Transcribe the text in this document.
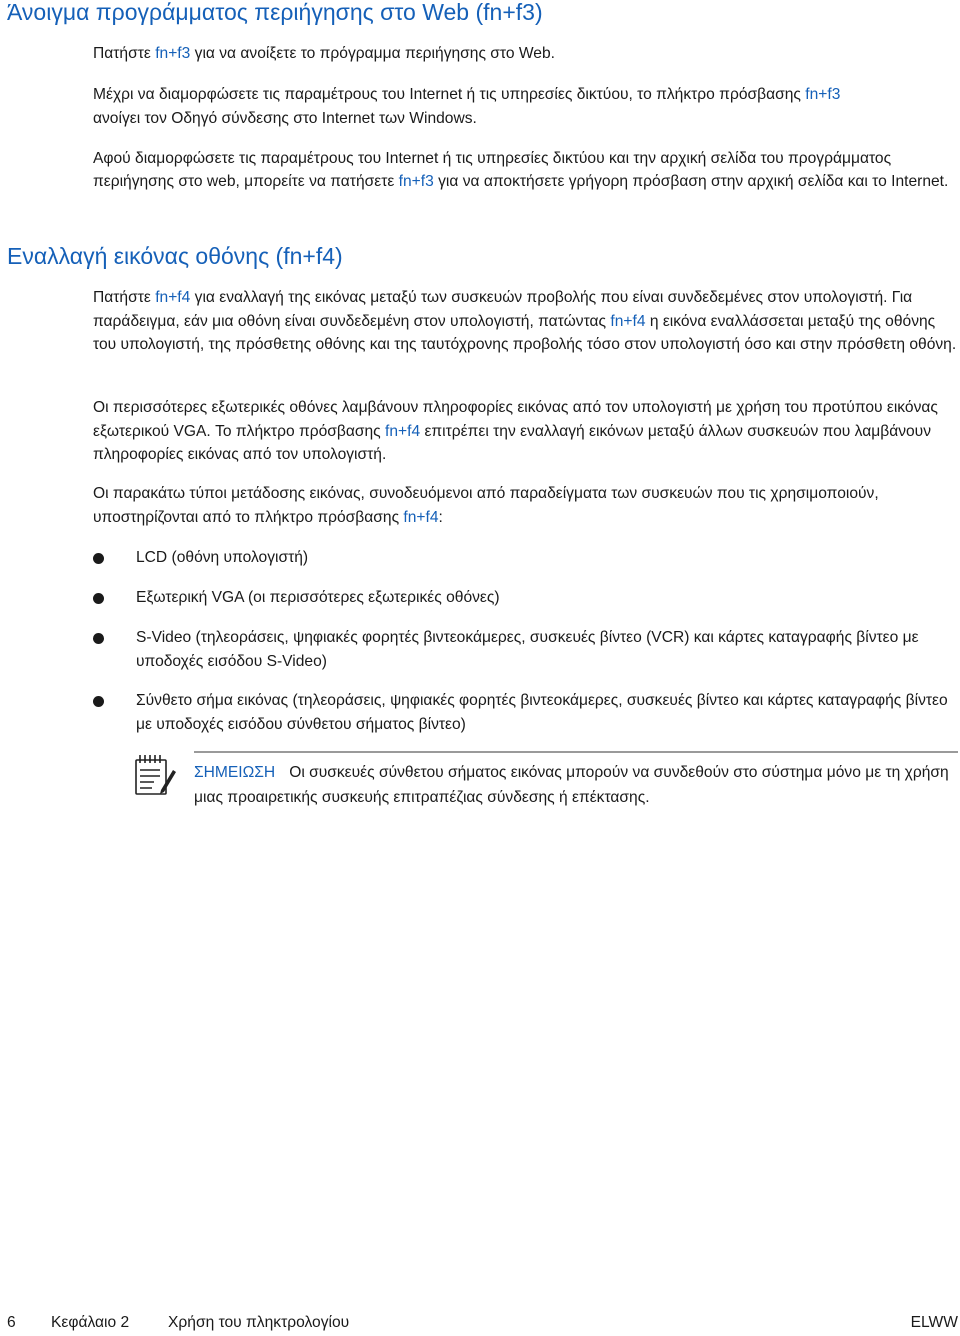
Άνοιγμα προγράμματος περιήγησης στο Web (fn+f3)

Πατήστε fn+f3 για να ανοίξετε το πρόγραμμα περιήγησης στο Web.

Μέχρι να διαμορφώσετε τις παραμέτρους του Internet ή τις υπηρεσίες δικτύου, το πλήκτρο πρόσβασης fn+f3 ανοίγει τον Οδηγό σύνδεσης στο Internet των Windows.

Αφού διαμορφώσετε τις παραμέτρους του Internet ή τις υπηρεσίες δικτύου και την αρχική σελίδα του προγράμματος περιήγησης στο web, μπορείτε να πατήσετε fn+f3 για να αποκτήσετε γρήγορη πρόσβαση στην αρχική σελίδα και το Internet.

Εναλλαγή εικόνας οθόνης (fn+f4)

Πατήστε fn+f4 για εναλλαγή της εικόνας μεταξύ των συσκευών προβολής που είναι συνδεδεμένες στον υπολογιστή. Για παράδειγμα, εάν μια οθόνη είναι συνδεδεμένη στον υπολογιστή, πατώντας fn+f4 η εικόνα εναλλάσσεται μεταξύ της οθόνης του υπολογιστή, της πρόσθετης οθόνης και της ταυτόχρονης προβολής τόσο στον υπολογιστή όσο και στην πρόσθετη οθόνη.

Οι περισσότερες εξωτερικές οθόνες λαμβάνουν πληροφορίες εικόνας από τον υπολογιστή με χρήση του προτύπου εικόνας εξωτερικού VGA. Το πλήκτρο πρόσβασης fn+f4 επιτρέπει την εναλλαγή εικόνων μεταξύ άλλων συσκευών που λαμβάνουν πληροφορίες εικόνας από τον υπολογιστή.

Οι παρακάτω τύποι μετάδοσης εικόνας, συνοδευόμενοι από παραδείγματα των συσκευών που τις χρησιμοποιούν, υποστηρίζονται από το πλήκτρο πρόσβασης fn+f4:

LCD (οθόνη υπολογιστή)

Εξωτερική VGA (οι περισσότερες εξωτερικές οθόνες)

S-Video (τηλεοράσεις, ψηφιακές φορητές βιντεοκάμερες, συσκευές βίντεο (VCR) και κάρτες καταγραφής βίντεο με υποδοχές εισόδου S-Video)

Σύνθετο σήμα εικόνας (τηλεοράσεις, ψηφιακές φορητές βιντεοκάμερες, συσκευές βίντεο και κάρτες καταγραφής βίντεο με υποδοχές εισόδου σύνθετου σήματος βίντεο)

ΣΗΜΕΙΩΣΗ Οι συσκευές σύνθετου σήματος εικόνας μπορούν να συνδεθούν στο σύστημα μόνο με τη χρήση μιας προαιρετικής συσκευής επιτραπέζιας σύνδεσης ή επέκτασης.

6 Κεφάλαιο 2 Χρήση του πληκτρολογίου	ELWW
